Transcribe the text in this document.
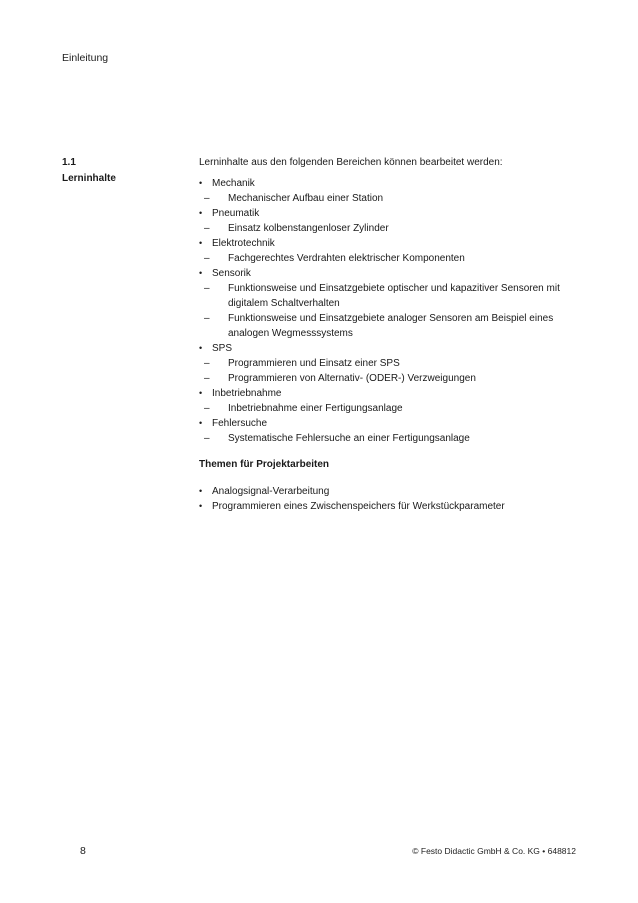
Einleitung
1.1
Lerninhalte
Lerninhalte aus den folgenden Bereichen können bearbeitet werden:
• Mechanik
– Mechanischer Aufbau einer Station
• Pneumatik
– Einsatz kolbenstangenloser Zylinder
• Elektrotechnik
– Fachgerechtes Verdrahten elektrischer Komponenten
• Sensorik
– Funktionsweise und Einsatzgebiete optischer und kapazitiver Sensoren mit digitalem Schaltverhalten
– Funktionsweise und Einsatzgebiete analoger Sensoren am Beispiel eines analogen Wegmesssystems
• SPS
– Programmieren und Einsatz einer SPS
– Programmieren von Alternativ- (ODER-) Verzweigungen
• Inbetriebnahme
– Inbetriebnahme einer Fertigungsanlage
• Fehlersuche
– Systematische Fehlersuche an einer Fertigungsanlage
Themen für Projektarbeiten
• Analogsignal-Verarbeitung
• Programmieren eines Zwischenspeichers für Werkstückparameter
8	© Festo Didactic GmbH & Co. KG • 648812
